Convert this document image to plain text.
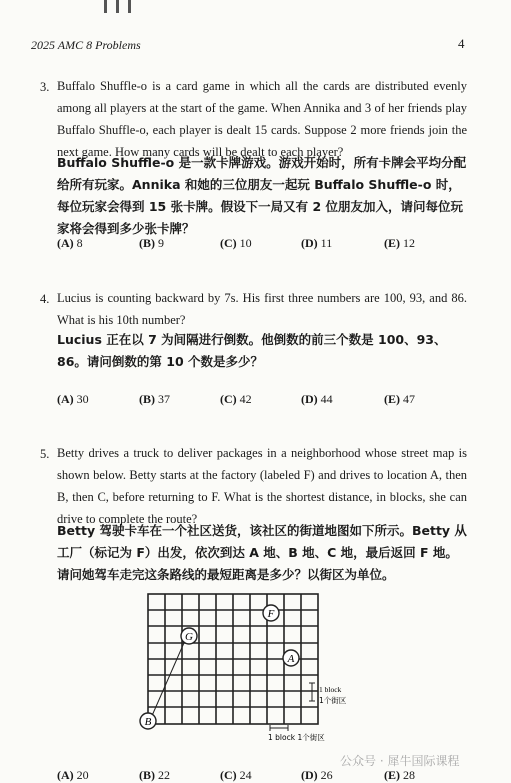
2025 AMC 8 Problems	4
3. Buffalo Shuffle-o is a card game in which all the cards are distributed evenly among all players at the start of the game. When Annika and 3 of her friends play Buffalo Shuffle-o, each player is dealt 15 cards. Suppose 2 more friends join the next game. How many cards will be dealt to each player?
Buffalo Shuffle-o 是一款卡牌游戏。游戏开始时，所有卡牌会平均分配给所有玩家。Annika 和她的三位朋友一起玩 Buffalo Shuffle-o 时，每位玩家会得到 15 张卡牌。假设下一局又有 2 位朋友加入，请问每位玩家将会得到多少张卡牌？
(A) 8	(B) 9	(C) 10	(D) 11	(E) 12
4. Lucius is counting backward by 7s. His first three numbers are 100, 93, and 86. What is his 10th number?
Lucius 正在以 7 为间隔进行倒数。他倒数的前三个数是 100、93、86。请问倒数的第 10 个数是多少？
(A) 30	(B) 37	(C) 42	(D) 44	(E) 47
5. Betty drives a truck to deliver packages in a neighborhood whose street map is shown below. Betty starts at the factory (labeled F) and drives to location A, then B, then C, before returning to F. What is the shortest distance, in blocks, she can drive to complete the route?
Betty 驾驶卡车在一个社区送货，该社区的街道地图如下所示。Betty 从工厂（标记为 F）出发，依次到达 A 地、B 地、C 地，最后返回 F 地。请问她驾车走完这条路线的最短距离是多少？以街区为单位。
F
G
A
B
1 block
1个街区
1 block 1个街区
(A) 20	(B) 22	(C) 24	(D) 26	(E) 28
公众号 · 犀牛国际课程
